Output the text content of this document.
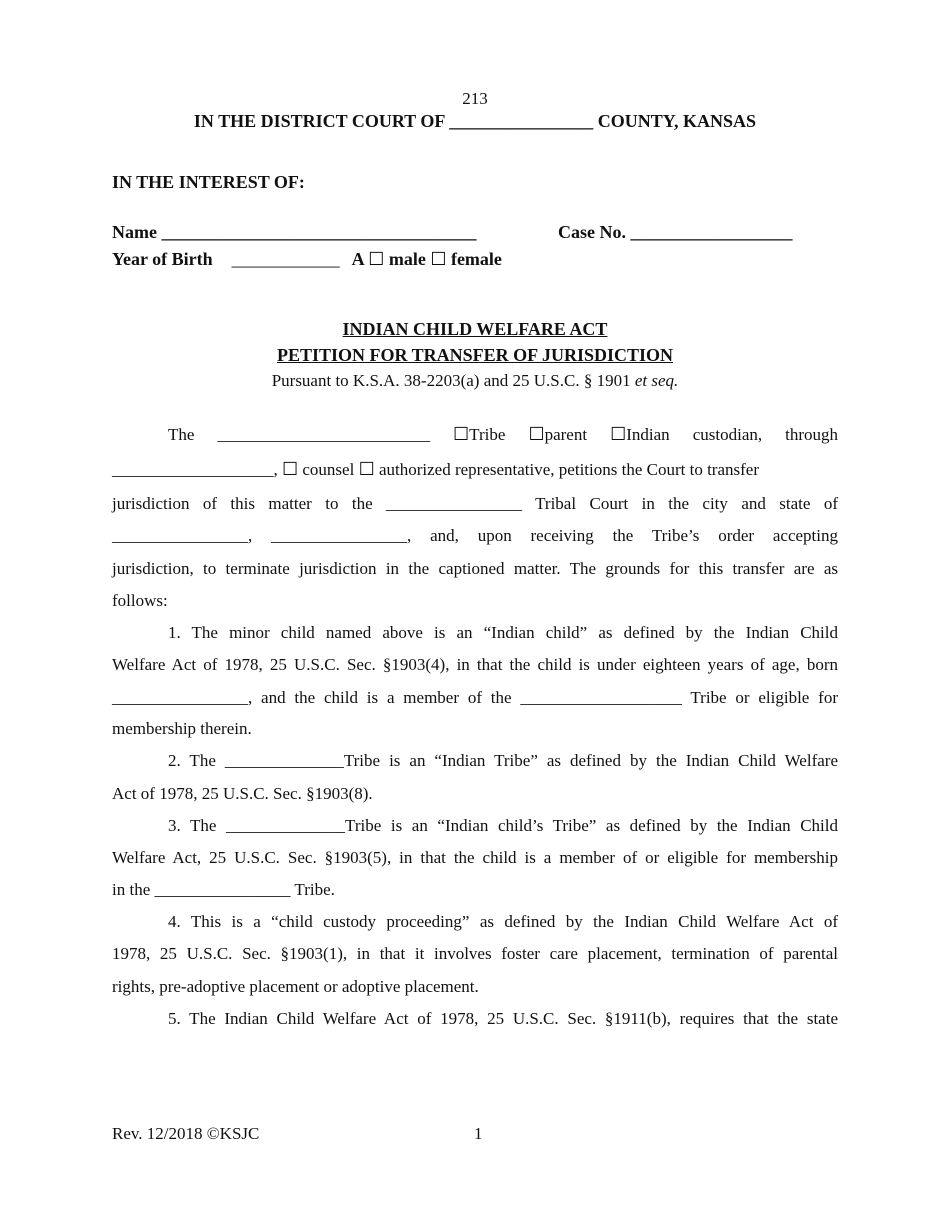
213
IN THE DISTRICT COURT OF ________________ COUNTY, KANSAS
IN THE INTEREST OF:
Name ___________________________________	Case No. __________________
Year of Birth ____________ A ☐ male ☐ female
INDIAN CHILD WELFARE ACT
PETITION FOR TRANSFER OF JURISDICTION
Pursuant to K.S.A. 38-2203(a) and 25 U.S.C. § 1901 et seq.
The _________________________ ☐Tribe ☐parent ☐Indian custodian, through
___________________, ☐ counsel ☐ authorized representative, petitions the Court to transfer
jurisdiction of this matter to the ________________ Tribal Court in the city and state of
________________, ________________, and, upon receiving the Tribe’s order accepting
jurisdiction, to terminate jurisdiction in the captioned matter. The grounds for this transfer are as
follows:
1. The minor child named above is an “Indian child” as defined by the Indian Child
Welfare Act of 1978, 25 U.S.C. Sec. §1903(4), in that the child is under eighteen years of age, born
________________, and the child is a member of the ___________________ Tribe or eligible for
membership therein.
2. The ______________Tribe is an “Indian Tribe” as defined by the Indian Child Welfare
Act of 1978, 25 U.S.C. Sec. §1903(8).
3. The ______________Tribe is an “Indian child’s Tribe” as defined by the Indian Child
Welfare Act, 25 U.S.C. Sec. §1903(5), in that the child is a member of or eligible for membership
in the ________________ Tribe.
4. This is a “child custody proceeding” as defined by the Indian Child Welfare Act of
1978, 25 U.S.C. Sec. §1903(1), in that it involves foster care placement, termination of parental
rights, pre-adoptive placement or adoptive placement.
5. The Indian Child Welfare Act of 1978, 25 U.S.C. Sec. §1911(b), requires that the state
Rev. 12/2018 ©KSJC	1
